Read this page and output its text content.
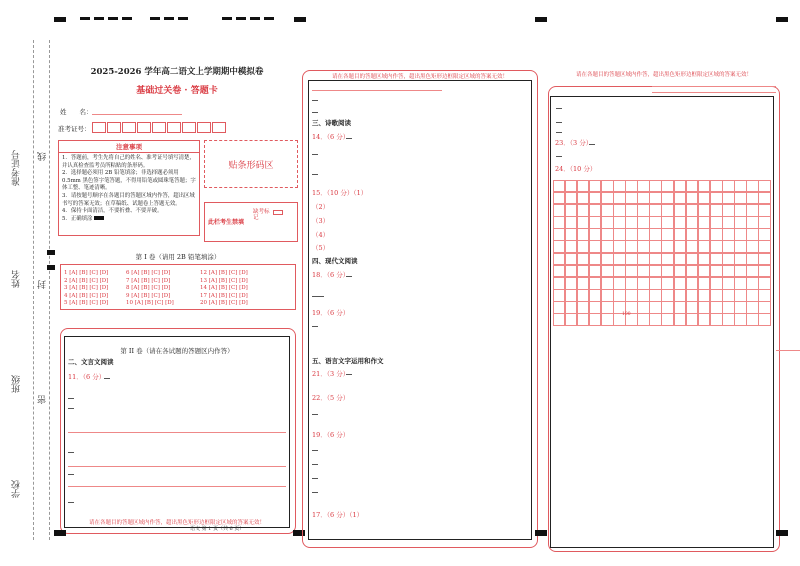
准考证号 线
姓名 封
班级
密
学校
2025-2026 学年高二语文上学期期中模拟卷
基础过关卷 · 答题卡
姓　　名：
准考证号：
注意事项
1．答题前，考生先将自己的姓名、准考证号填写清楚，并认真检查监考员所粘贴的条形码。
2．选择题必须用 2B 铅笔填涂；非选择题必须用 0.5mm 黑色签字笔答题，不得用铅笔或圆珠笔答题；字体工整、笔迹清晰。
3．请按题号顺序在各题目的答题区域内作答，超出区域书写的答案无效；在草稿纸、试题卷上答题无效。
4．保持卡面清洁，不要折叠、不要弄破。
5．正确填涂
贴条形码区
缺考标记
此栏考生禁填
第 I 卷（请用 2B 铅笔填涂）
1 [A] [B] [C] [D]
2 [A] [B] [C] [D]
3 [A] [B] [C] [D]
4 [A] [B] [C] [D]
5 [A] [B] [C] [D]
6 [A] [B] [C] [D]
7 [A] [B] [C] [D]
8 [A] [B] [C] [D]
9 [A] [B] [C] [D]
10 [A] [B] [C] [D]
12 [A] [B] [C] [D]
13 [A] [B] [C] [D]
14 [A] [B] [C] [D]
17 [A] [B] [C] [D]
20 [A] [B] [C] [D]
第 II 卷（请在各试题的答题区内作答）
二、文言文阅读
11．（6 分）
请在各题目的答题区域内作答，超出黑色矩形边框限定区域的答案无效！
语文 第 1 页（共 6 页）
请在各题目的答题区域内作答，超出黑色矩形边框限定区域的答案无效！
三、诗歌阅读
14．（6 分）
15．（10 分）（1）
（2）
（3）
（4）
（5）
四、现代文阅读
18．（6 分）
19．（6 分）
五、语言文字运用和作文
21．（3 分）
22．（5 分）
19．（6 分）
17．（6 分）（1）
请在各题目的答题区域内作答，超出黑色矩形边框限定区域的答案无效！
23．（3 分）
24．（10 分）
100
